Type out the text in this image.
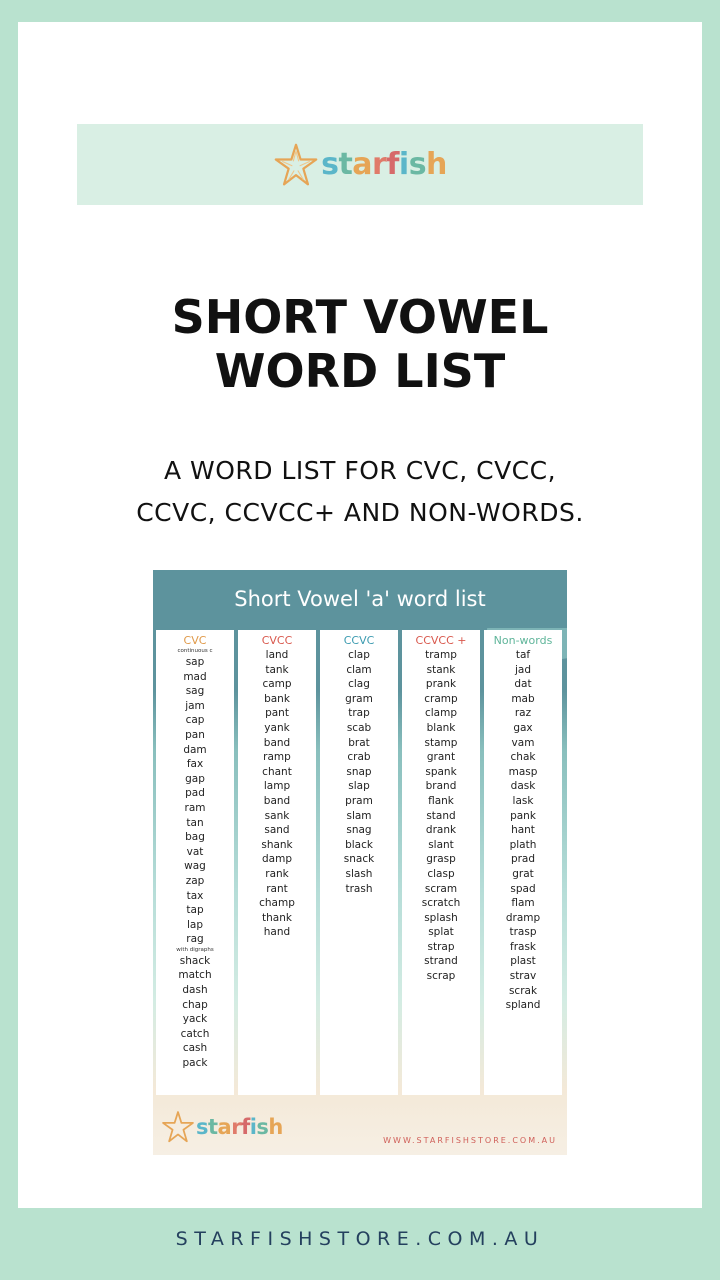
starfish
SHORT VOWEL
WORD LIST
A WORD LIST FOR CVC, CVCC,
CCVC, CCVCC+ AND NON-WORDS.
Short Vowel 'a' word list
CVC
continuous c
sap
mad
sag
jam
cap
pan
dam
fax
gap
pad
ram
tan
bag
vat
wag
zap
tax
tap
lap
rag
with digraphs
shack
match
dash
chap
yack
catch
cash
pack
CVCC
land
tank
camp
bank
pant
yank
band
ramp
chant
lamp
band
sank
sand
shank
damp
rank
rant
champ
thank
hand
CCVC
clap
clam
clag
gram
trap
scab
brat
crab
snap
slap
pram
slam
snag
black
snack
slash
trash
CCVCC +
tramp
stank
prank
cramp
clamp
blank
stamp
grant
spank
brand
flank
stand
drank
slant
grasp
clasp
scram
scratch
splash
splat
strap
strand
scrap
Non-words
taf
jad
dat
mab
raz
gax
vam
chak
masp
dask
lask
pank
hant
plath
prad
grat
spad
flam
dramp
trasp
frask
plast
strav
scrak
spland
starfish
WWW.STARFISHSTORE.COM.AU
STARFISHSTORE.COM.AU
